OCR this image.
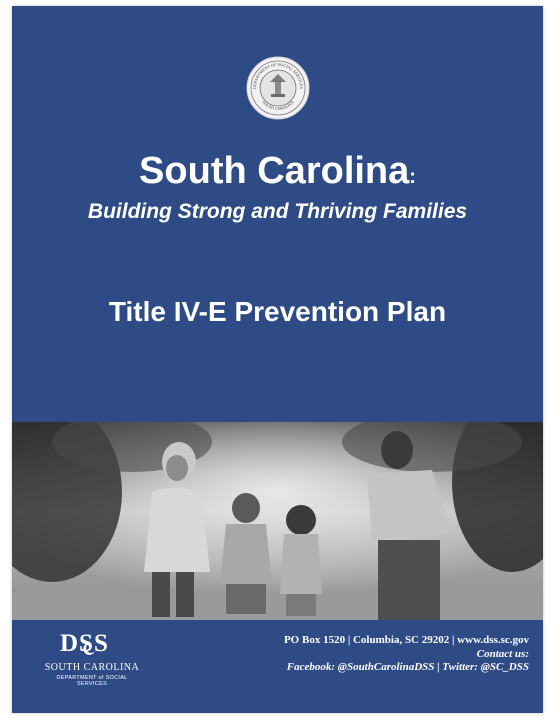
DEPARTMENT OF SOCIAL SERVICES
SOUTH CAROLINA
South Carolina:
Building Strong and Thriving Families
Title IV-E Prevention Plan
DSS
SOUTH CAROLINA
DEPARTMENT of SOCIAL SERVICES
PO Box 1520 | Columbia, SC 29202 | www.dss.sc.gov
Contact us:
Facebook: @SouthCarolinaDSS | Twitter: @SC_DSS
